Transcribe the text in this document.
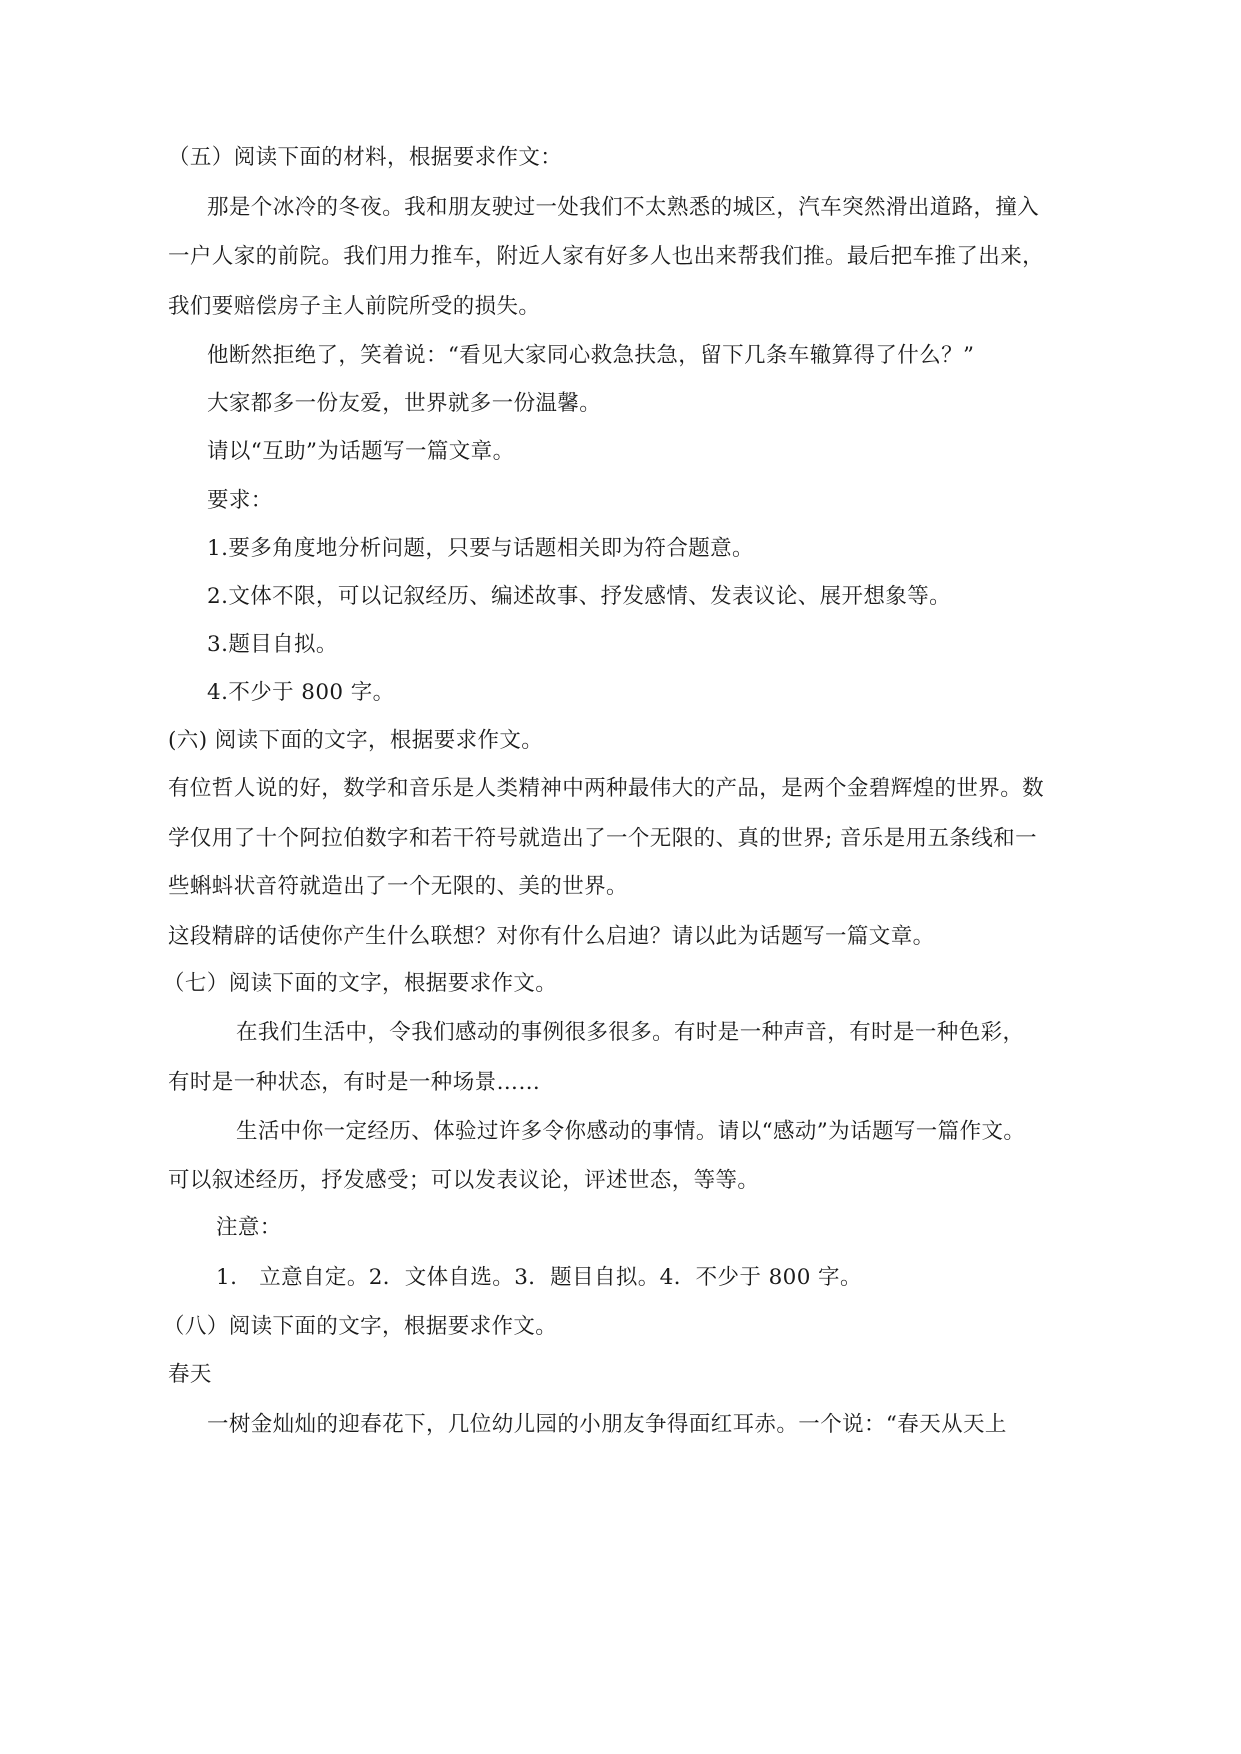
（五）阅读下面的材料，根据要求作文：
那是个冰冷的冬夜。我和朋友驶过一处我们不太熟悉的城区，汽车突然滑出道路，撞入
一户人家的前院。我们用力推车，附近人家有好多人也出来帮我们推。最后把车推了出来，
我们要赔偿房子主人前院所受的损失。
他断然拒绝了，笑着说：“看见大家同心救急扶急，留下几条车辙算得了什么？”
大家都多一份友爱，世界就多一份温馨。
请以“互助”为话题写一篇文章。
要求：
1.要多角度地分析问题，只要与话题相关即为符合题意。
2.文体不限，可以记叙经历、编述故事、抒发感情、发表议论、展开想象等。
3.题目自拟。
4.不少于 800 字。
(六) 阅读下面的文字，根据要求作文。
有位哲人说的好，数学和音乐是人类精神中两种最伟大的产品，是两个金碧辉煌的世界。数
学仅用了十个阿拉伯数字和若干符号就造出了一个无限的、真的世界; 音乐是用五条线和一
些蝌蚪状音符就造出了一个无限的、美的世界。
这段精辟的话使你产生什么联想？对你有什么启迪？请以此为话题写一篇文章。
（七）阅读下面的文字，根据要求作文。
在我们生活中，令我们感动的事例很多很多。有时是一种声音，有时是一种色彩，
有时是一种状态，有时是一种场景……
生活中你一定经历、体验过许多令你感动的事情。请以“感动”为话题写一篇作文。
可以叙述经历，抒发感受；可以发表议论，评述世态，等等。
注意：
1.　立意自定。2．文体自选。3．题目自拟。4．不少于 800 字。
（八）阅读下面的文字，根据要求作文。
春天
一树金灿灿的迎春花下，几位幼儿园的小朋友争得面红耳赤。一个说：“春天从天上
